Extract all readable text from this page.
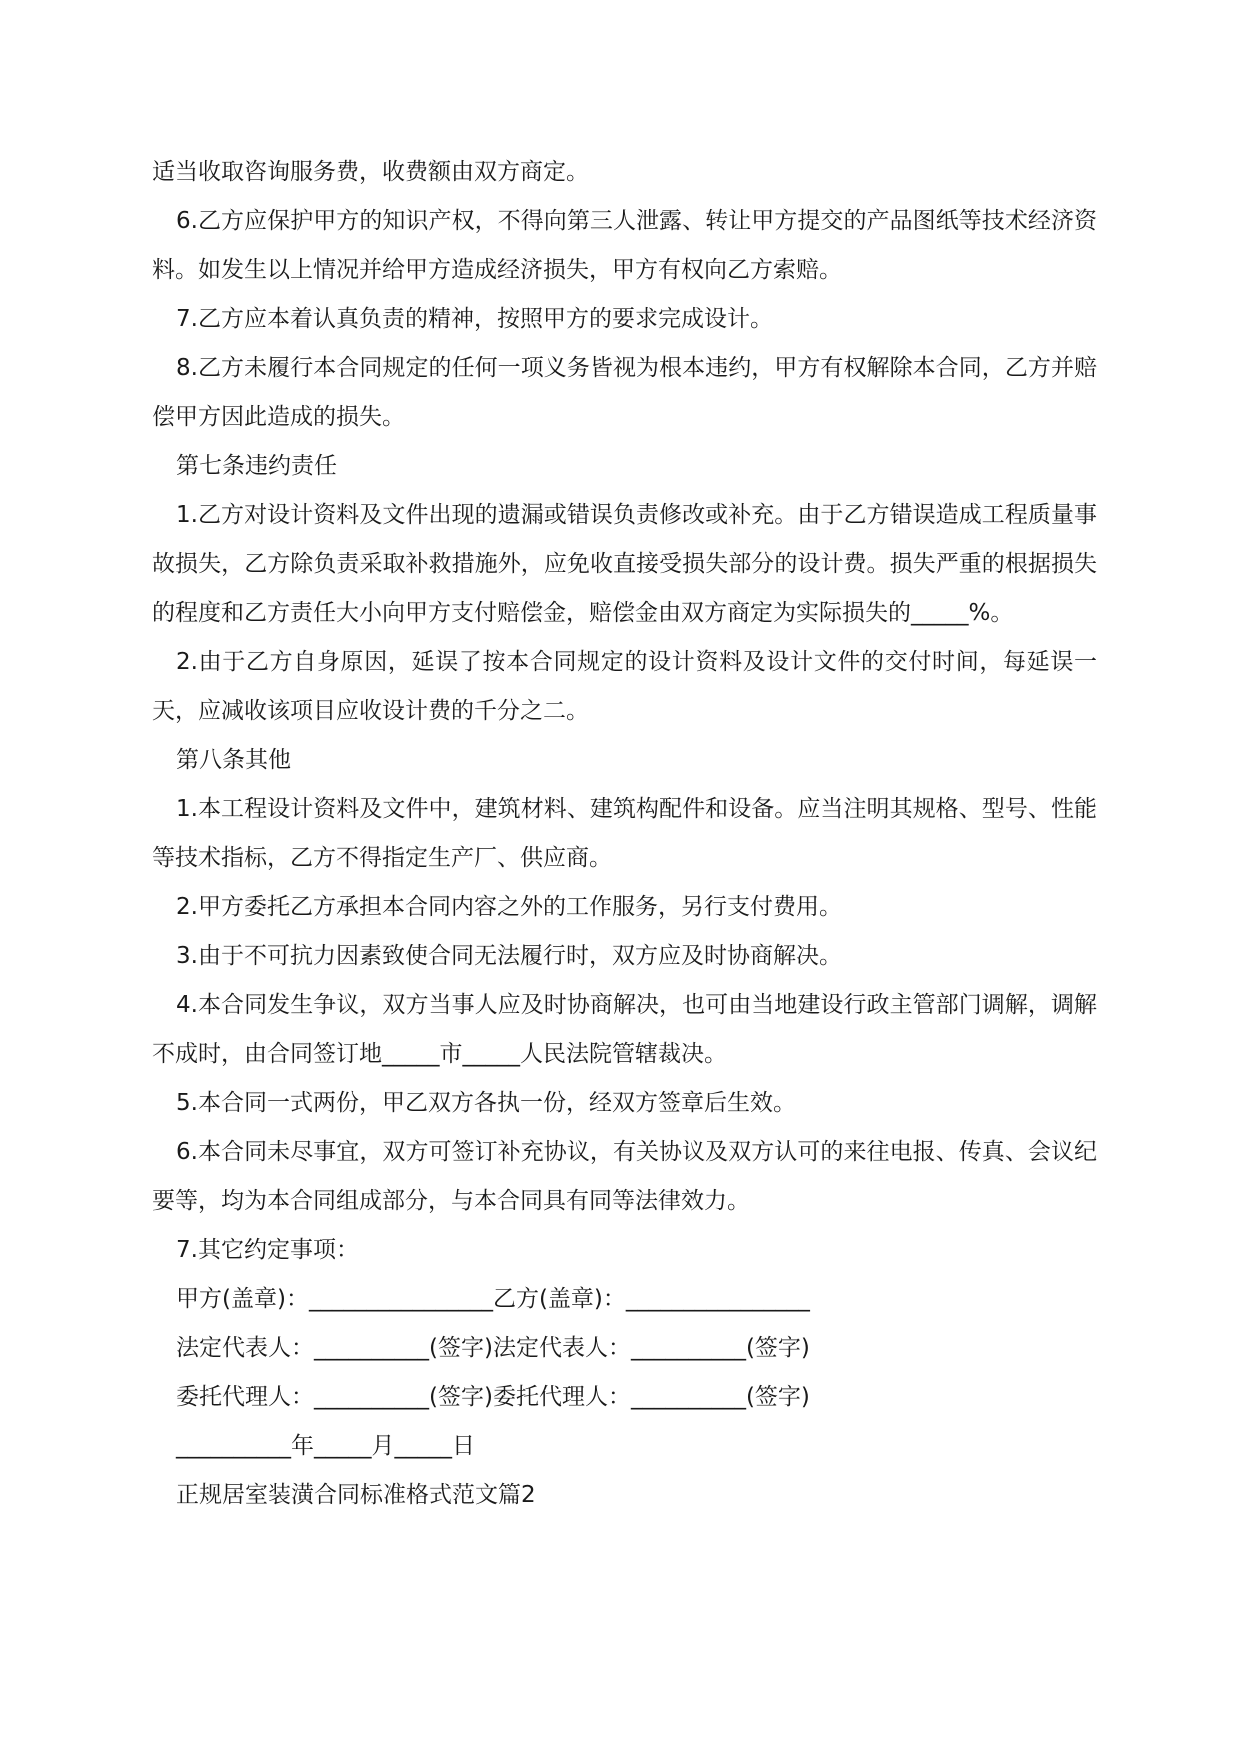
适当收取咨询服务费，收费额由双方商定。

6.乙方应保护甲方的知识产权，不得向第三人泄露、转让甲方提交的产品图纸等技术经济资料。如发生以上情况并给甲方造成经济损失，甲方有权向乙方索赔。

7.乙方应本着认真负责的精神，按照甲方的要求完成设计。

8.乙方未履行本合同规定的任何一项义务皆视为根本违约，甲方有权解除本合同，乙方并赔偿甲方因此造成的损失。

第七条违约责任

1.乙方对设计资料及文件出现的遗漏或错误负责修改或补充。由于乙方错误造成工程质量事故损失，乙方除负责采取补救措施外，应免收直接受损失部分的设计费。损失严重的根据损失的程度和乙方责任大小向甲方支付赔偿金，赔偿金由双方商定为实际损失的_____%。

2.由于乙方自身原因，延误了按本合同规定的设计资料及设计文件的交付时间，每延误一天，应减收该项目应收设计费的千分之二。

第八条其他

1.本工程设计资料及文件中，建筑材料、建筑构配件和设备。应当注明其规格、型号、性能等技术指标，乙方不得指定生产厂、供应商。

2.甲方委托乙方承担本合同内容之外的工作服务，另行支付费用。

3.由于不可抗力因素致使合同无法履行时，双方应及时协商解决。

4.本合同发生争议，双方当事人应及时协商解决，也可由当地建设行政主管部门调解，调解不成时，由合同签订地_____市_____人民法院管辖裁决。

5.本合同一式两份，甲乙双方各执一份，经双方签章后生效。

6.本合同未尽事宜，双方可签订补充协议，有关协议及双方认可的来往电报、传真、会议纪要等，均为本合同组成部分，与本合同具有同等法律效力。

7.其它约定事项：

甲方(盖章)：________________乙方(盖章)：________________

法定代表人：__________(签字)法定代表人：__________(签字)

委托代理人：__________(签字)委托代理人：__________(签字)

__________年_____月_____日

正规居室装潢合同标准格式范文篇2
